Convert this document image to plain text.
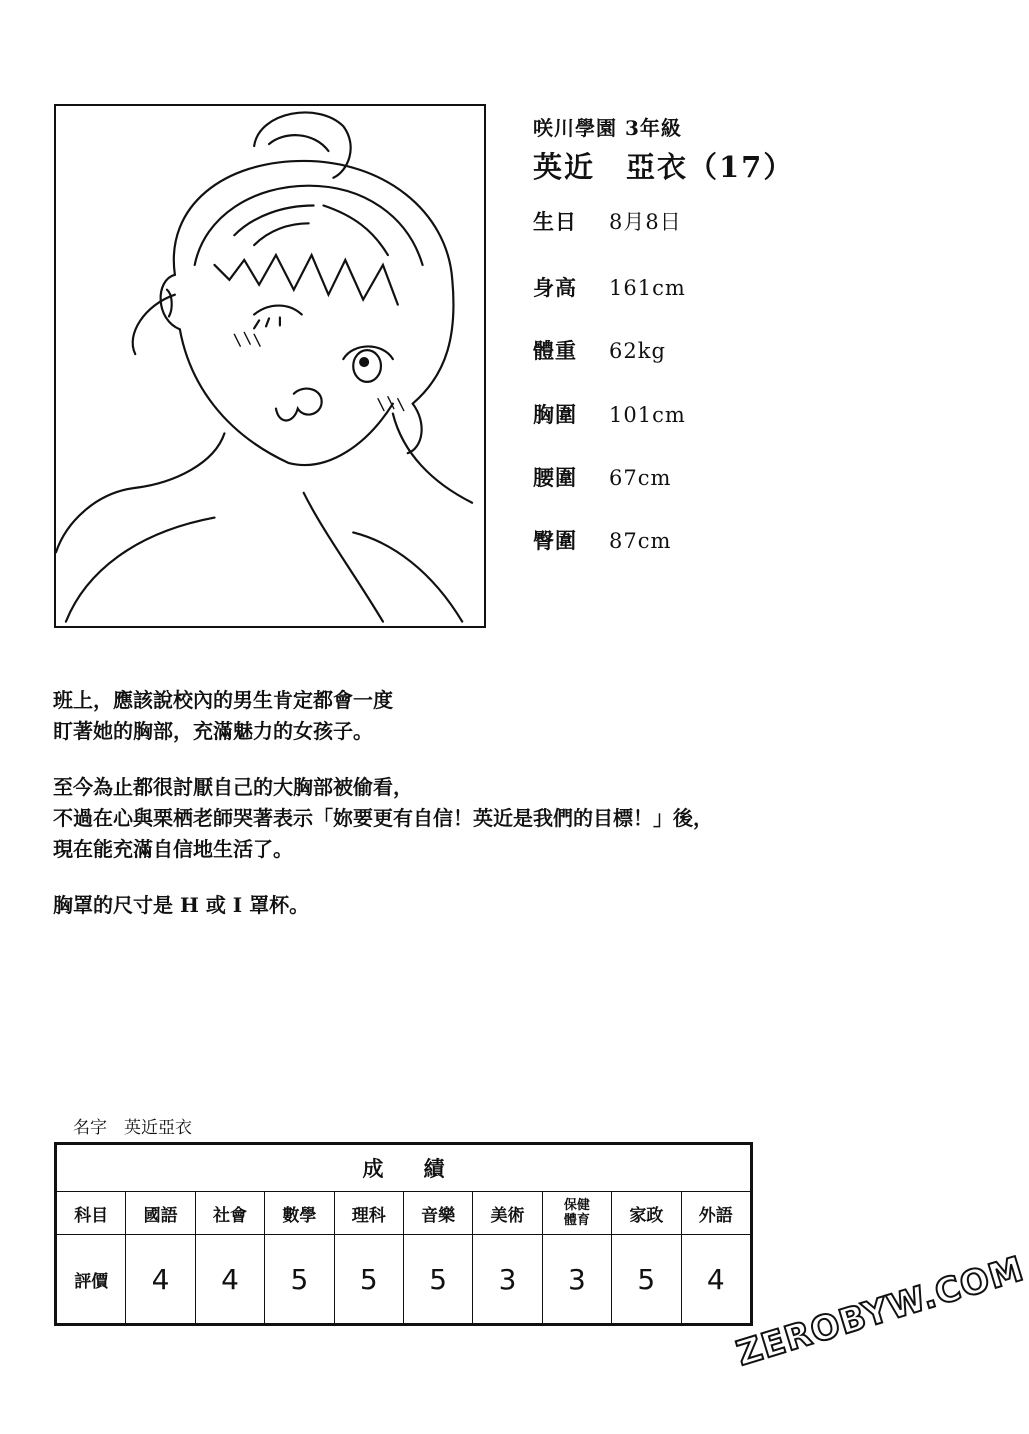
咲川學園 3年級
英近　亞衣（17）
生日 8月8日
身高 161cm
體重 62kg
胸圍 101cm
腰圍 67cm
臀圍 87cm

班上，應該說校內的男生肯定都會一度
盯著她的胸部，充滿魅力的女孩子。

至今為止都很討厭自己的大胸部被偷看，
不過在心與栗栖老師哭著表示「妳要更有自信！英近是我們的目標！」後，
現在能充滿自信地生活了。

胸罩的尺寸是 H 或 I 罩杯。

名字　英近亞衣
成績									
科目	國語	社會	數學	理科	音樂	美術	保健體育	家政	外語
評價	4	4	5	5	5	3	3	5	4 ZEROBYW.COM
